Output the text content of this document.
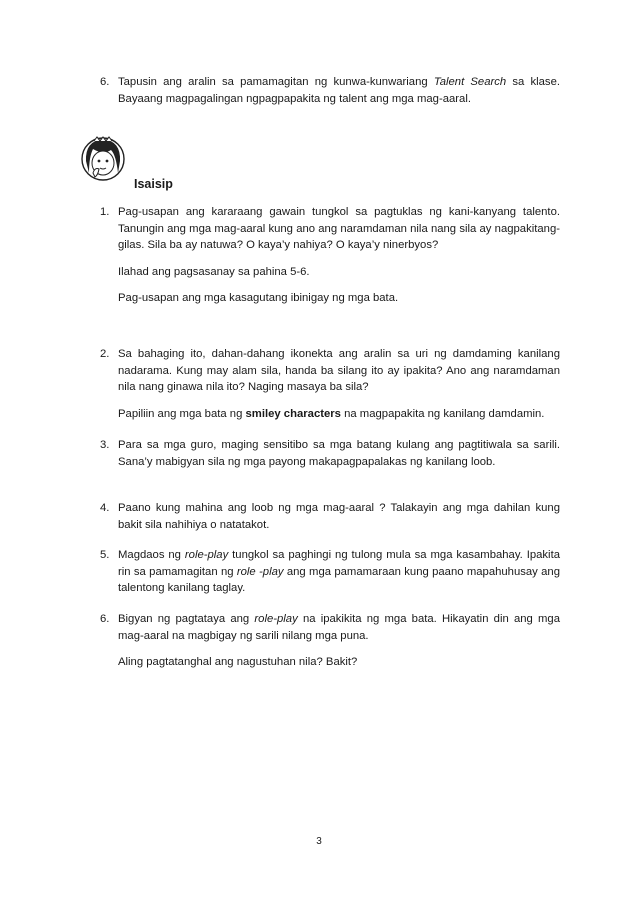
6. Tapusin ang aralin sa pamamagitan ng kunwa-kunwariang Talent Search sa klase. Bayaang magpagalingan ngpagpapakita ng talent ang mga mag-aaral.
Isaisip
1. Pag-usapan ang kararaang gawain tungkol sa pagtuklas ng kani-kanyang talento. Tanungin ang mga mag-aaral kung ano ang naramdaman nila nang sila ay nagpakitang-gilas. Sila ba ay natuwa? O kaya’y nahiya? O kaya’y ninerbyos?
Ilahad ang pagsasanay sa pahina 5-6.
Pag-usapan ang mga kasagutang ibinigay ng mga bata.
2. Sa bahaging ito, dahan-dahang ikonekta ang aralin sa uri ng damdaming kanilang nadarama. Kung may alam sila, handa ba silang ito ay ipakita? Ano ang naramdaman nila nang ginawa nila ito? Naging masaya ba sila?
Papiliin ang mga bata ng smiley characters na magpapakita ng kanilang damdamin.
3. Para sa mga guro, maging sensitibo sa mga batang kulang ang pagtitiwala sa sarili. Sana’y mabigyan sila ng mga payong makapagpapalakas ng kanilang loob.
4. Paano kung mahina ang loob ng mga mag-aaral ? Talakayin ang mga dahilan kung bakit sila nahihiya o natatakot.
5. Magdaos ng role-play tungkol sa paghingi ng tulong mula sa mga kasambahay. Ipakita rin sa pamamagitan ng role -play ang mga pamamaraan kung paano mapahuhusay ang talentong kanilang taglay.
6. Bigyan ng pagtataya ang role-play na ipakikita ng mga bata. Hikayatin din ang mga mag-aaral na magbigay ng sarili nilang mga puna.
Aling pagtatanghal ang nagustuhan nila? Bakit?
3
